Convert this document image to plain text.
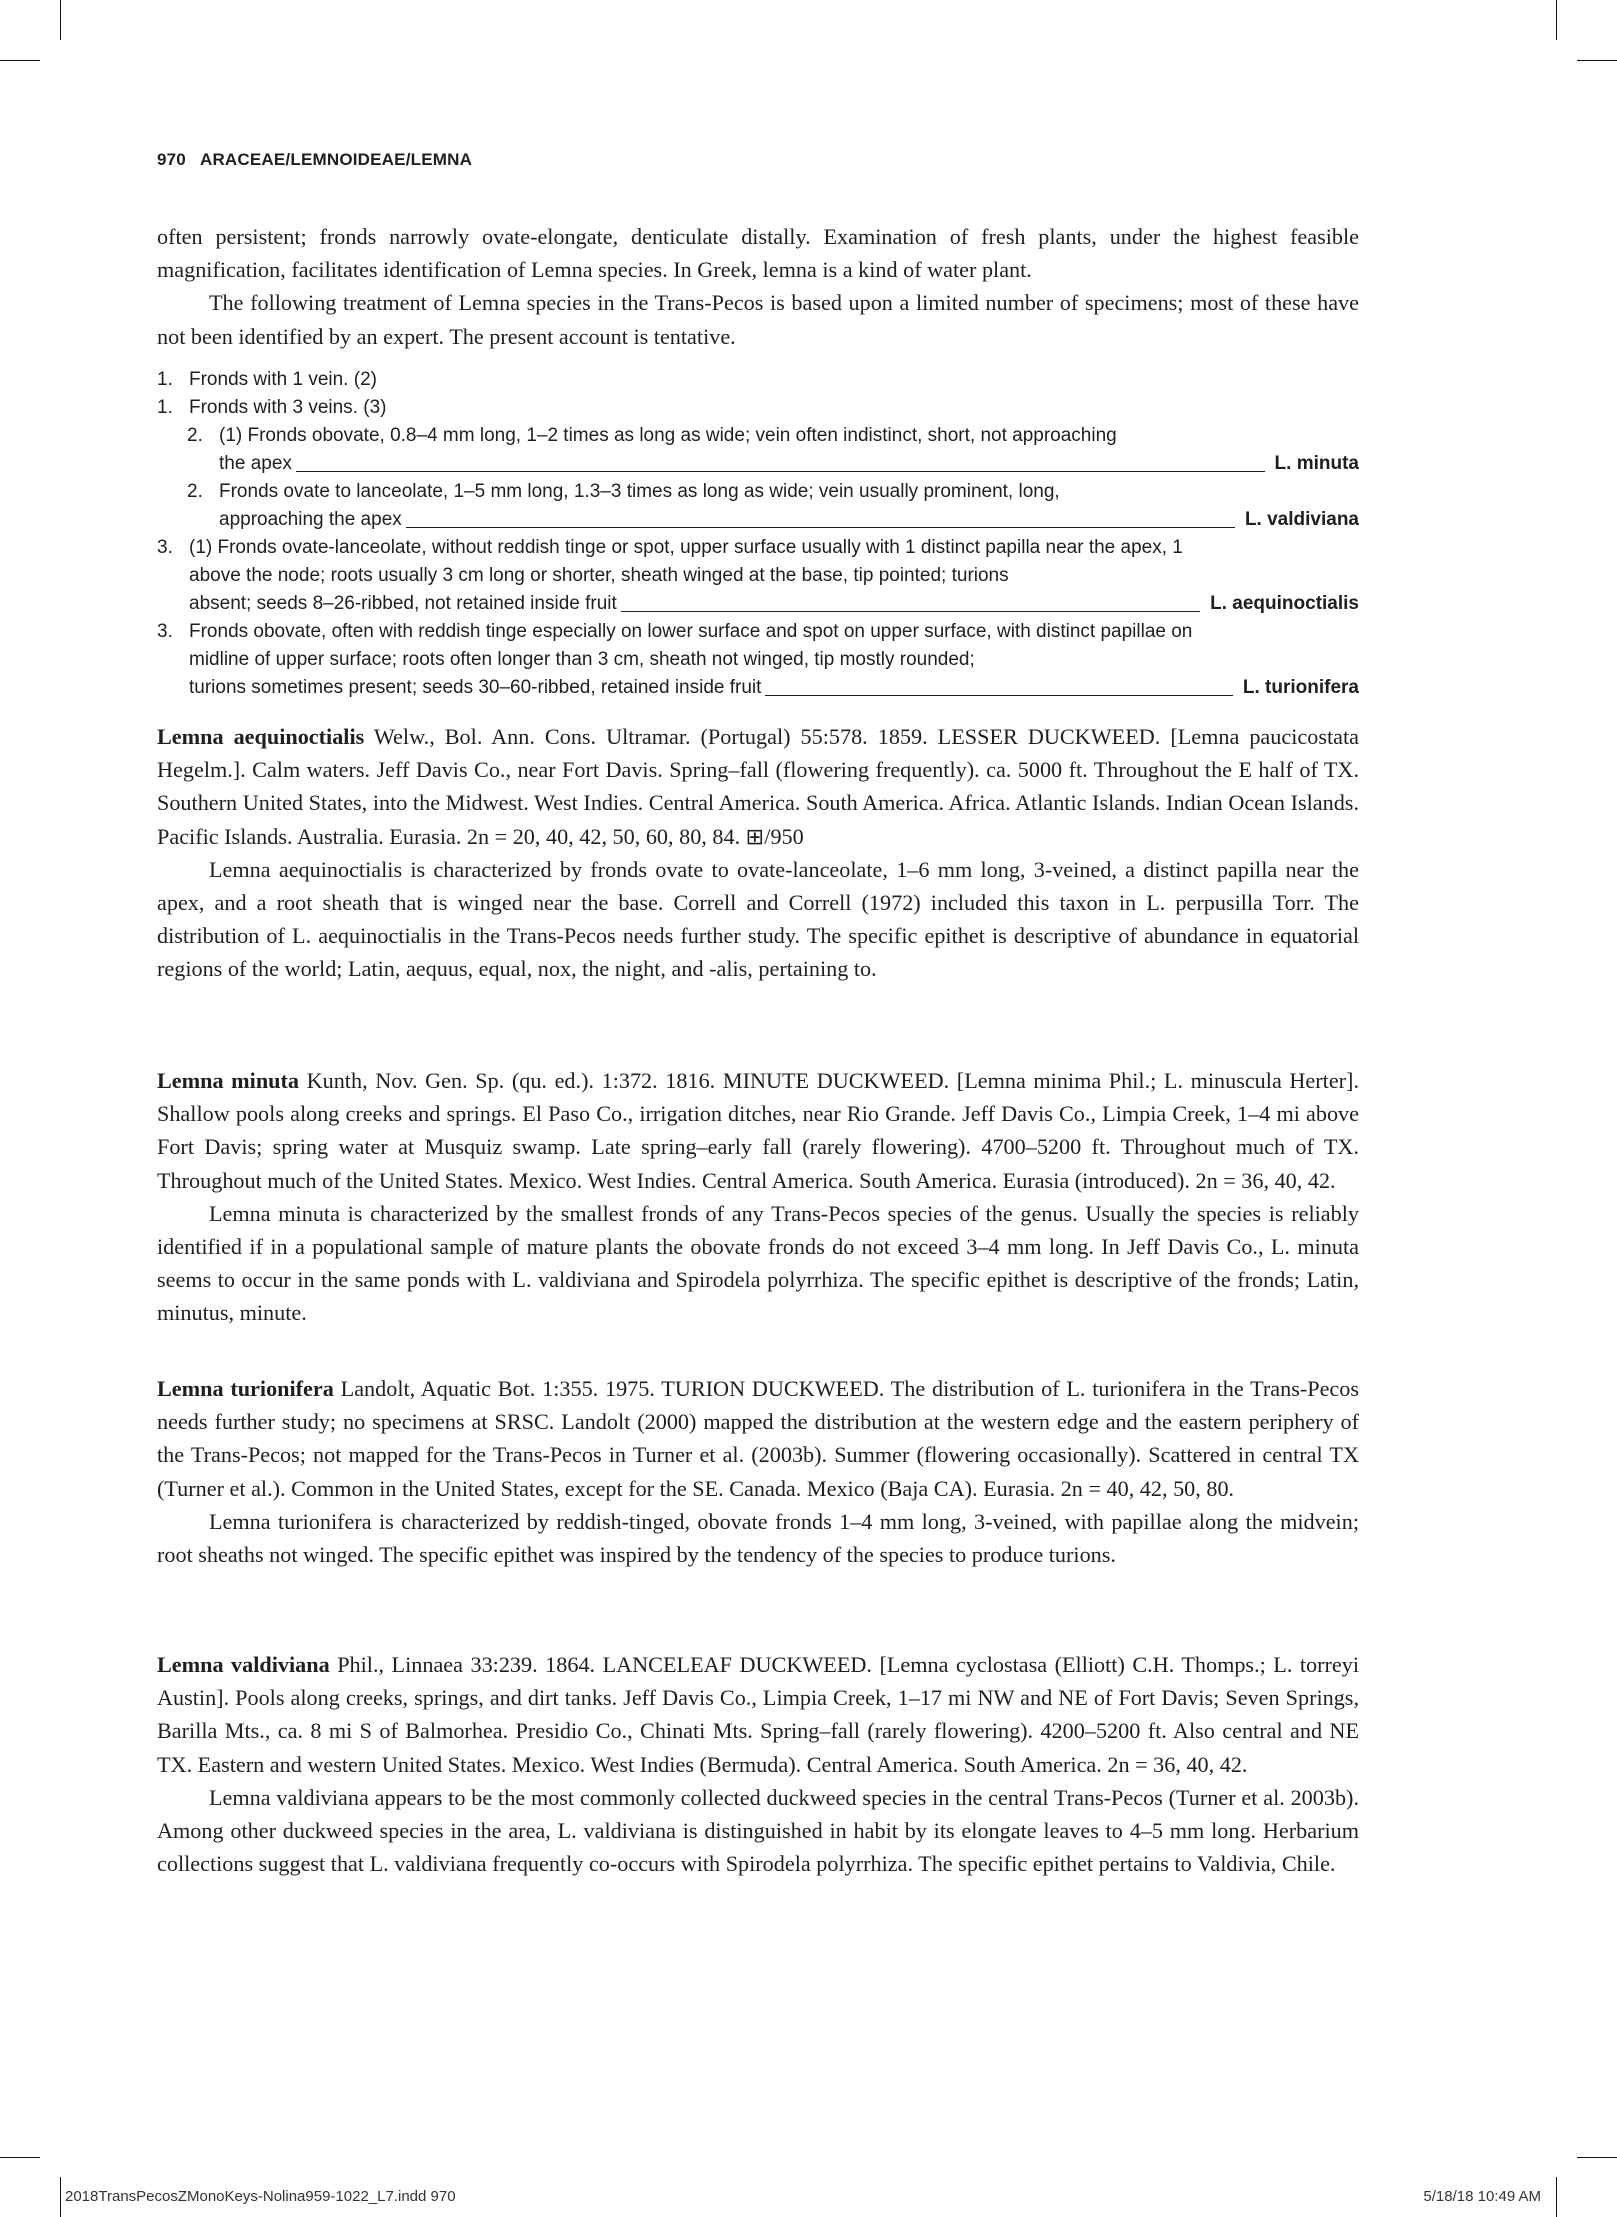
970 ARACEAE/LEMNOIDEAE/LEMNA

often persistent; fronds narrowly ovate-elongate, denticulate distally. Examination of fresh plants, under the highest feasible magnification, facilitates identification of Lemna species. In Greek, lemna is a kind of water plant.

The following treatment of Lemna species in the Trans-Pecos is based upon a limited number of specimens; most of these have not been identified by an expert. The present account is tentative.

1. Fronds with 1 vein. (2)
1. Fronds with 3 veins. (3)
2. (1) Fronds obovate, 0.8–4 mm long, 1–2 times as long as wide; vein often indistinct, short, not approaching
the apex	L. minuta
2. Fronds ovate to lanceolate, 1–5 mm long, 1.3–3 times as long as wide; vein usually prominent, long,
approaching the apex	L. valdiviana
3. (1) Fronds ovate-lanceolate, without reddish tinge or spot, upper surface usually with 1 distinct papilla near the apex, 1 above the node; roots usually 3 cm long or shorter, sheath winged at the base, tip pointed; turions
absent; seeds 8–26-ribbed, not retained inside fruit	L. aequinoctialis
3. Fronds obovate, often with reddish tinge especially on lower surface and spot on upper surface, with distinct papillae on midline of upper surface; roots often longer than 3 cm, sheath not winged, tip mostly rounded;
turions sometimes present; seeds 30–60-ribbed, retained inside fruit	L. turionifera

Lemna aequinoctialis Welw., Bol. Ann. Cons. Ultramar. (Portugal) 55:578. 1859. LESSER DUCKWEED. [Lemna paucicostata Hegelm.]. Calm waters. Jeff Davis Co., near Fort Davis. Spring–fall (flowering frequently). ca. 5000 ft. Throughout the E half of TX. Southern United States, into the Midwest. West Indies. Central America. South America. Africa. Atlantic Islands. Indian Ocean Islands. Pacific Islands. Australia. Eurasia. 2n = 20, 40, 42, 50, 60, 80, 84. ⊞/950

Lemna aequinoctialis is characterized by fronds ovate to ovate-lanceolate, 1–6 mm long, 3-veined, a distinct papilla near the apex, and a root sheath that is winged near the base. Correll and Correll (1972) included this taxon in L. perpusilla Torr. The distribution of L. aequinoctialis in the Trans-Pecos needs further study. The specific epithet is descriptive of abundance in equatorial regions of the world; Latin, aequus, equal, nox, the night, and -alis, pertaining to.

Lemna minuta Kunth, Nov. Gen. Sp. (qu. ed.). 1:372. 1816. MINUTE DUCKWEED. [Lemna minima Phil.; L. minuscula Herter]. Shallow pools along creeks and springs. El Paso Co., irrigation ditches, near Rio Grande. Jeff Davis Co., Limpia Creek, 1–4 mi above Fort Davis; spring water at Musquiz swamp. Late spring–early fall (rarely flowering). 4700–5200 ft. Throughout much of TX. Throughout much of the United States. Mexico. West Indies. Central America. South America. Eurasia (introduced). 2n = 36, 40, 42.

Lemna minuta is characterized by the smallest fronds of any Trans-Pecos species of the genus. Usually the species is reliably identified if in a populational sample of mature plants the obovate fronds do not exceed 3–4 mm long. In Jeff Davis Co., L. minuta seems to occur in the same ponds with L. valdiviana and Spirodela polyrrhiza. The specific epithet is descriptive of the fronds; Latin, minutus, minute.

Lemna turionifera Landolt, Aquatic Bot. 1:355. 1975. TURION DUCKWEED. The distribution of L. turionifera in the Trans-Pecos needs further study; no specimens at SRSC. Landolt (2000) mapped the distribution at the western edge and the eastern periphery of the Trans-Pecos; not mapped for the Trans-Pecos in Turner et al. (2003b). Summer (flowering occasionally). Scattered in central TX (Turner et al.). Common in the United States, except for the SE. Canada. Mexico (Baja CA). Eurasia. 2n = 40, 42, 50, 80.

Lemna turionifera is characterized by reddish-tinged, obovate fronds 1–4 mm long, 3-veined, with papillae along the midvein; root sheaths not winged. The specific epithet was inspired by the tendency of the species to produce turions.

Lemna valdiviana Phil., Linnaea 33:239. 1864. LANCELEAF DUCKWEED. [Lemna cyclostasa (Elliott) C.H. Thomps.; L. torreyi Austin]. Pools along creeks, springs, and dirt tanks. Jeff Davis Co., Limpia Creek, 1–17 mi NW and NE of Fort Davis; Seven Springs, Barilla Mts., ca. 8 mi S of Balmorhea. Presidio Co., Chinati Mts. Spring–fall (rarely flowering). 4200–5200 ft. Also central and NE TX. Eastern and western United States. Mexico. West Indies (Bermuda). Central America. South America. 2n = 36, 40, 42.

Lemna valdiviana appears to be the most commonly collected duckweed species in the central Trans-Pecos (Turner et al. 2003b). Among other duckweed species in the area, L. valdiviana is distinguished in habit by its elongate leaves to 4–5 mm long. Herbarium collections suggest that L. valdiviana frequently co-occurs with Spirodela polyrrhiza. The specific epithet pertains to Valdivia, Chile.

2018TransPecosZMonoKeys-Nolina959-1022_L7.indd 970	5/18/18 10:49 AM
